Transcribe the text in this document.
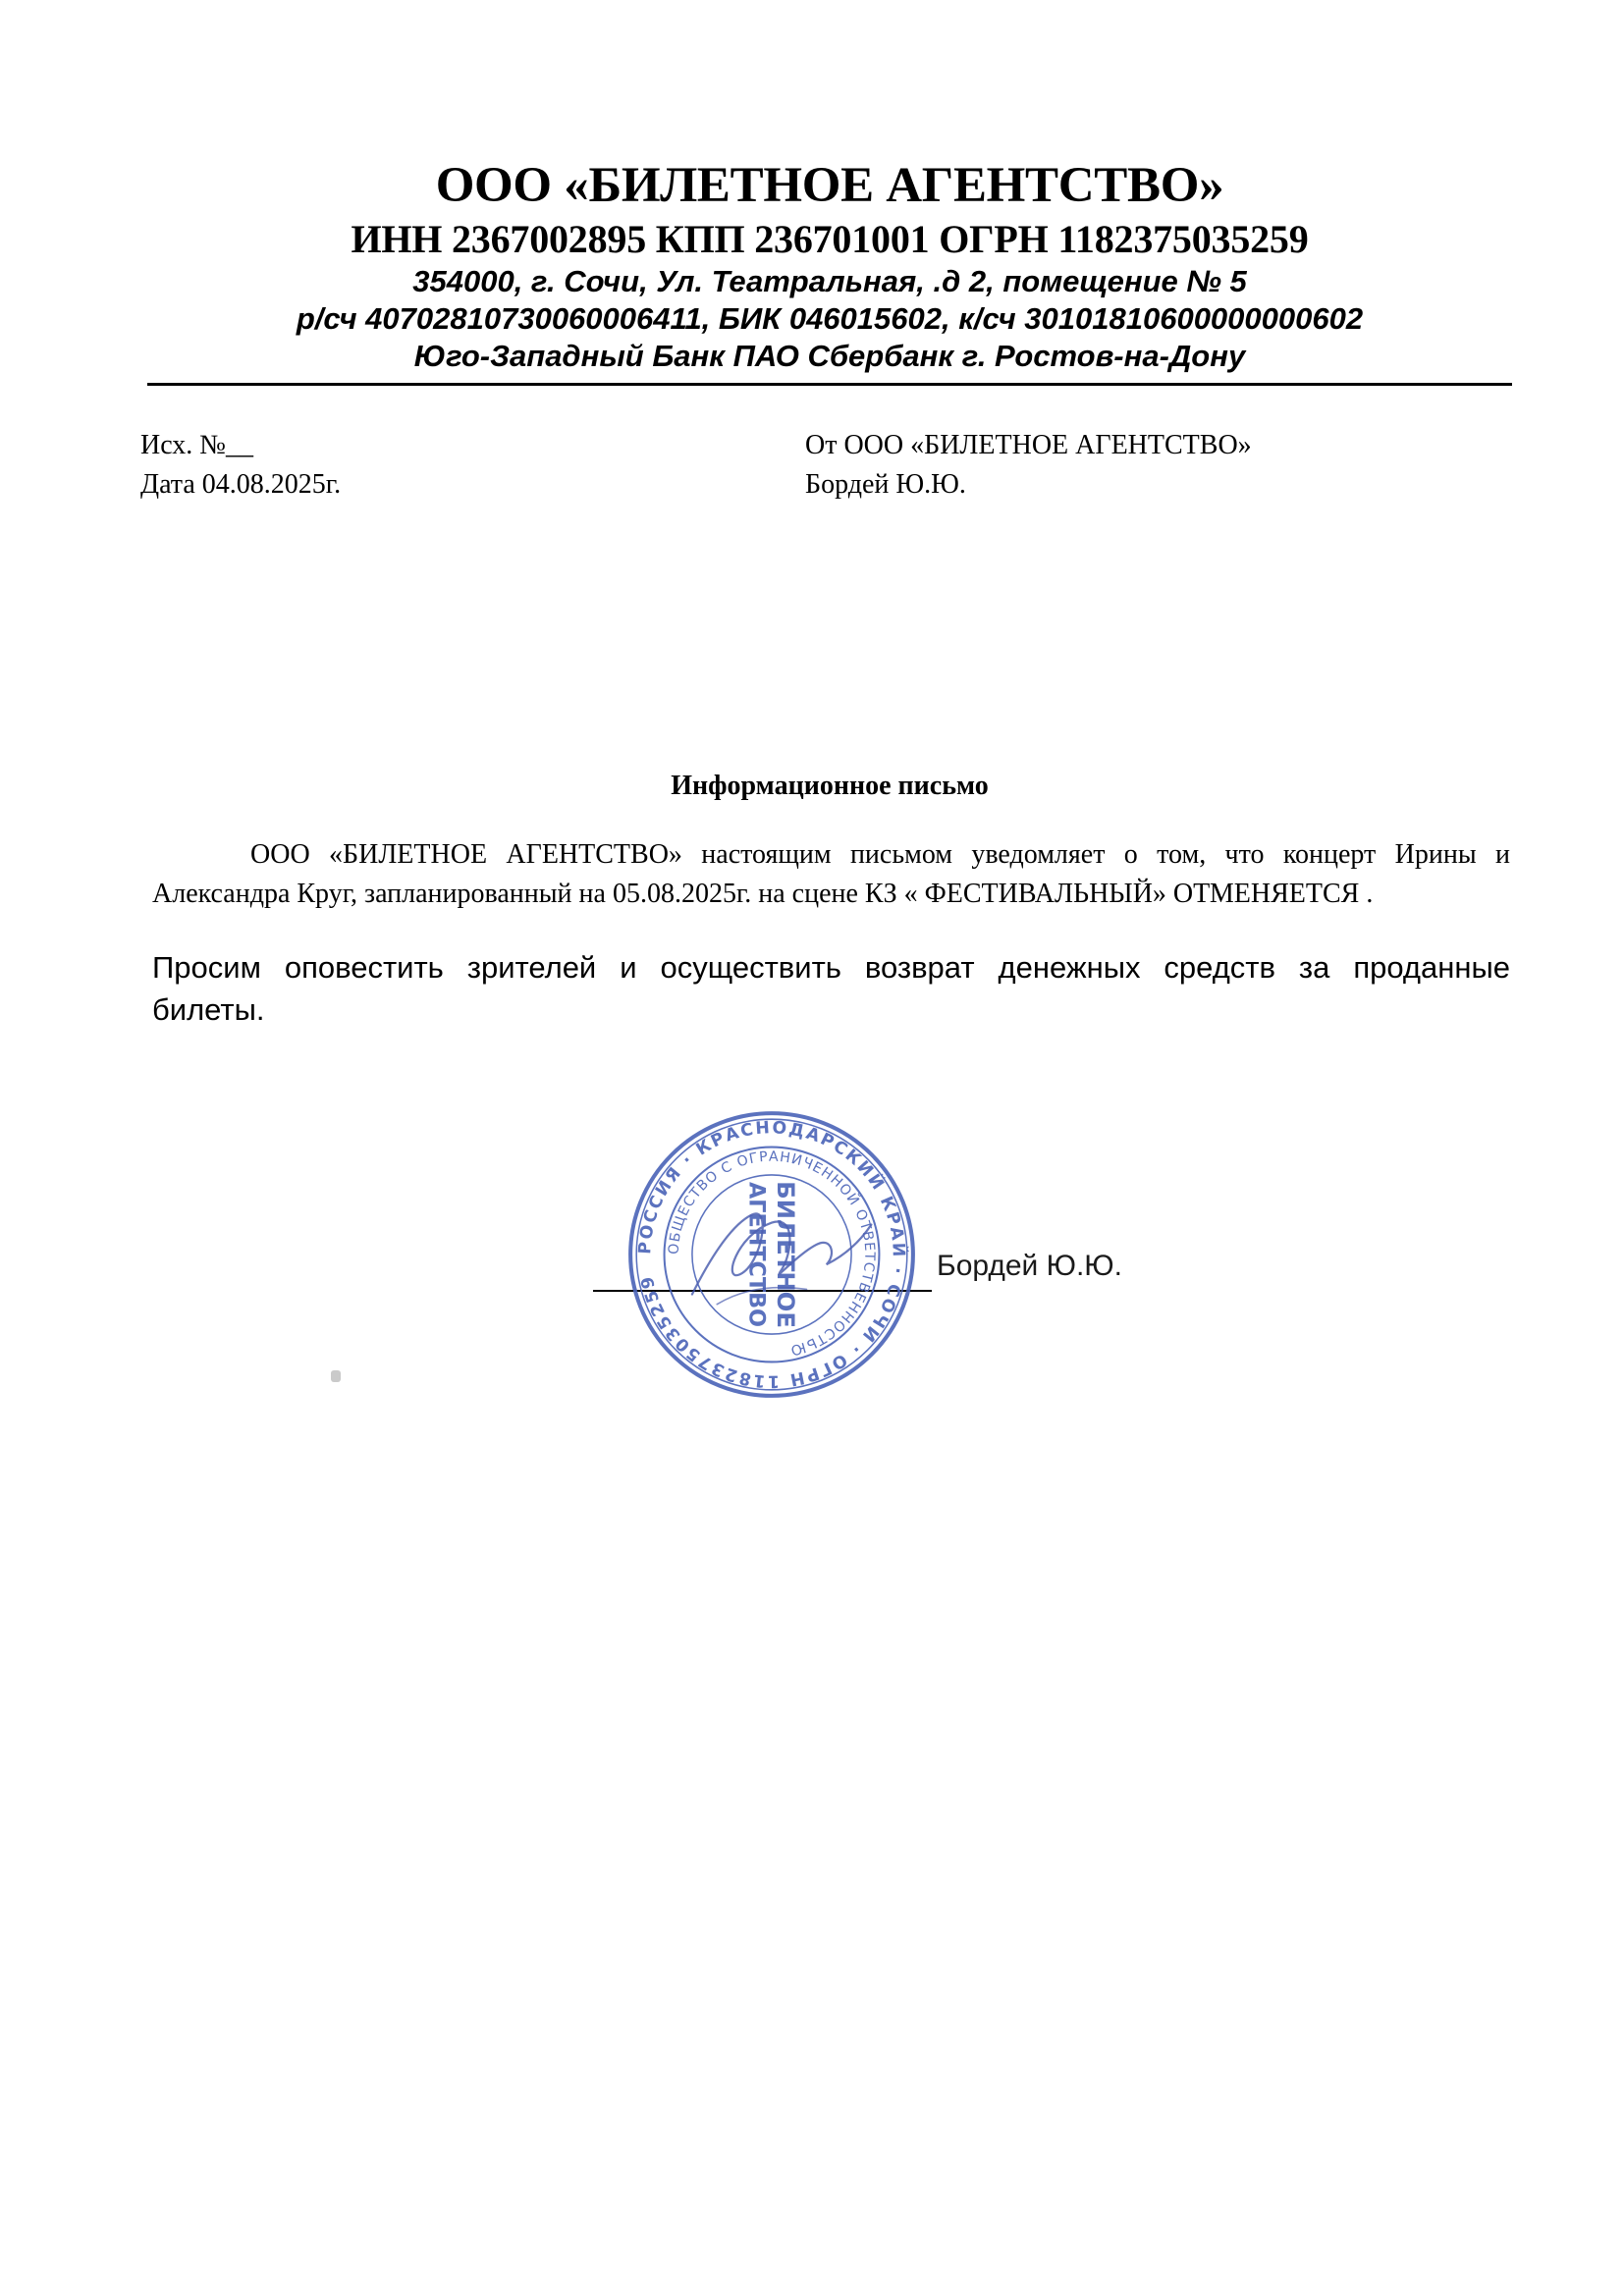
ООО «БИЛЕТНОЕ АГЕНТСТВО»
ИНН 2367002895 КПП 236701001 ОГРН 1182375035259
354000, г. Сочи, Ул. Театральная, .д 2, помещение № 5
р/сч 40702810730060006411, БИК 046015602, к/сч 30101810600000000602
Юго-Западный Банк ПАО Сбербанк г. Ростов-на-Дону
Исх. №__
Дата 04.08.2025г.
От ООО «БИЛЕТНОЕ АГЕНТСТВО»
Бордей Ю.Ю.
Информационное письмо
ООО «БИЛЕТНОЕ АГЕНТСТВО» настоящим письмом уведомляет о том, что концерт Ирины и
Александра Круг, запланированный на 05.08.2025г. на сцене КЗ « ФЕСТИВАЛЬНЫЙ» ОТМЕНЯЕТСЯ .
Просим оповестить зрителей и осуществить возврат денежных средств за проданные
билеты.
РОССИЯ · КРАСНОДАРСКИЙ КРАЙ · СОЧИ · ОГРН 1182375035259
ОБЩЕСТВО С ОГРАНИЧЕННОЙ ОТВЕТСТВЕННОСТЬЮ
БИЛЕТНОЕ
АГЕНТСТВО	Бордей Ю.Ю.
